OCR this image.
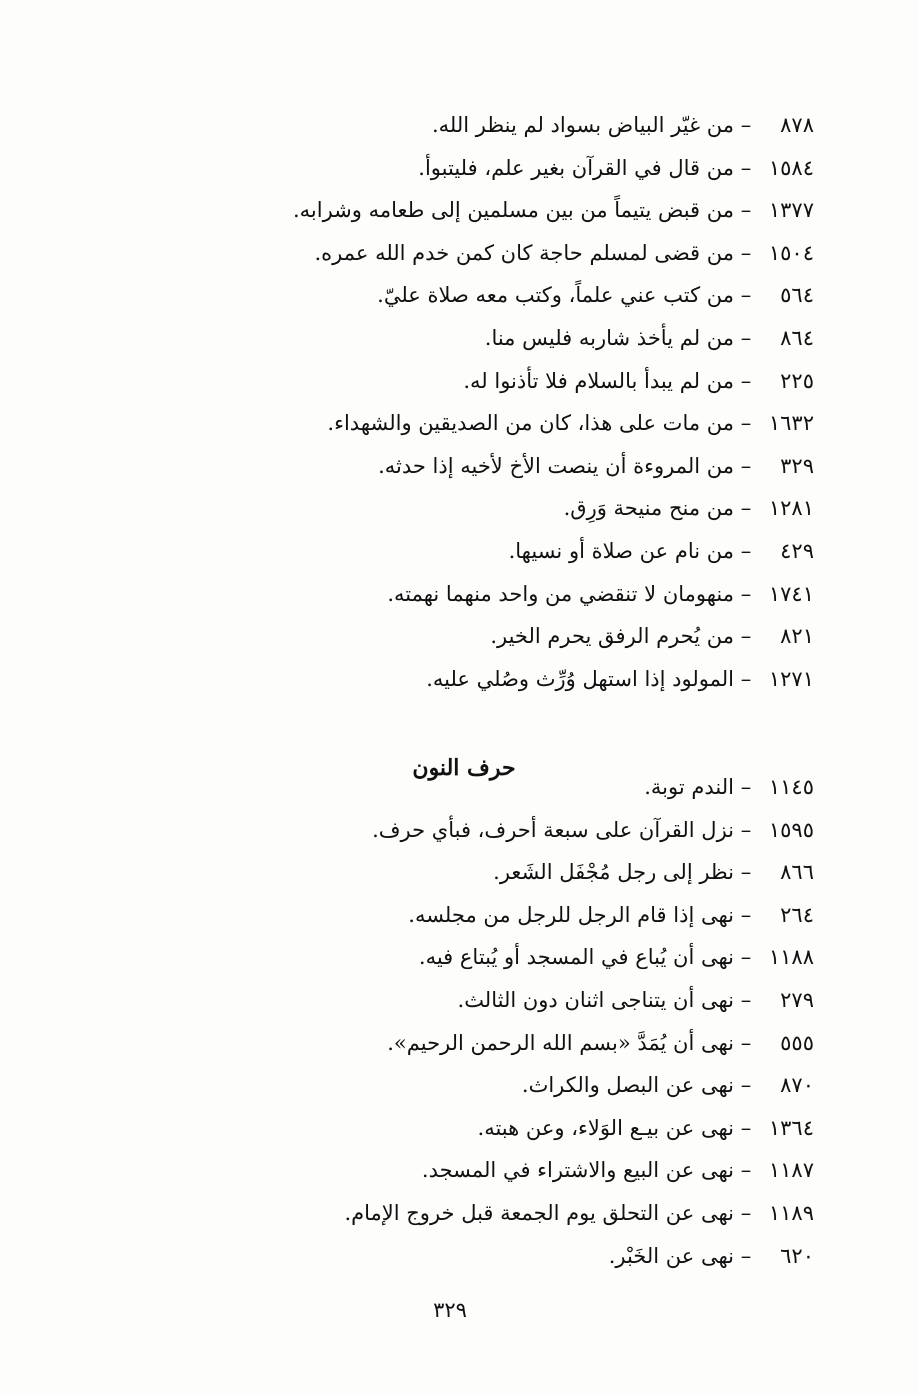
٨٧٨–من غيّر البياض بسواد لم ينظر الله.
١٥٨٤–من قال في القرآن بغير علم، فليتبوأ.
١٣٧٧–من قبض يتيماً من بين مسلمين إلى طعامه وشرابه.
١٥٠٤–من قضى لمسلم حاجة كان كمن خدم الله عمره.
٥٦٤–من كتب عني علماً، وكتب معه صلاة عليّ.
٨٦٤–من لم يأخذ شاربه فليس منا.
٢٢٥–من لم يبدأ بالسلام فلا تأذنوا له.
١٦٣٢–من مات على هذا، كان من الصديقين والشهداء.
٣٢٩–من المروءة أن ينصت الأخ لأخيه إذا حدثه.
١٢٨١–من منح منيحة وَرِق.
٤٢٩–من نام عن صلاة أو نسيها.
١٧٤١–منهومان لا تنقضي من واحد منهما نهمته.
٨٢١–من يُحرم الرفق يحرم الخير.
١٢٧١–المولود إذا استهل وُرِّث وصُلي عليه.
حرف النون
١١٤٥–الندم توبة.
١٥٩٥–نزل القرآن على سبعة أحرف، فبأي حرف.
٨٦٦–نظر إلى رجل مُجْفَل الشَعر.
٢٦٤–نهى إذا قام الرجل للرجل من مجلسه.
١١٨٨–نهى أن يُباع في المسجد أو يُبتاع فيه.
٢٧٩–نهى أن يتناجى اثنان دون الثالث.
٥٥٥–نهى أن يُمَدَّ «بسم الله الرحمن الرحيم».
٨٧٠–نهى عن البصل والكراث.
١٣٦٤–نهى عن بيـع الوَلاء، وعن هبته.
١١٨٧–نهى عن البيع والاشتراء في المسجد.
١١٨٩–نهى عن التحلق يوم الجمعة قبل خروج الإمام.
٦٢٠–نهى عن الخَبْر.
٣٢٩
